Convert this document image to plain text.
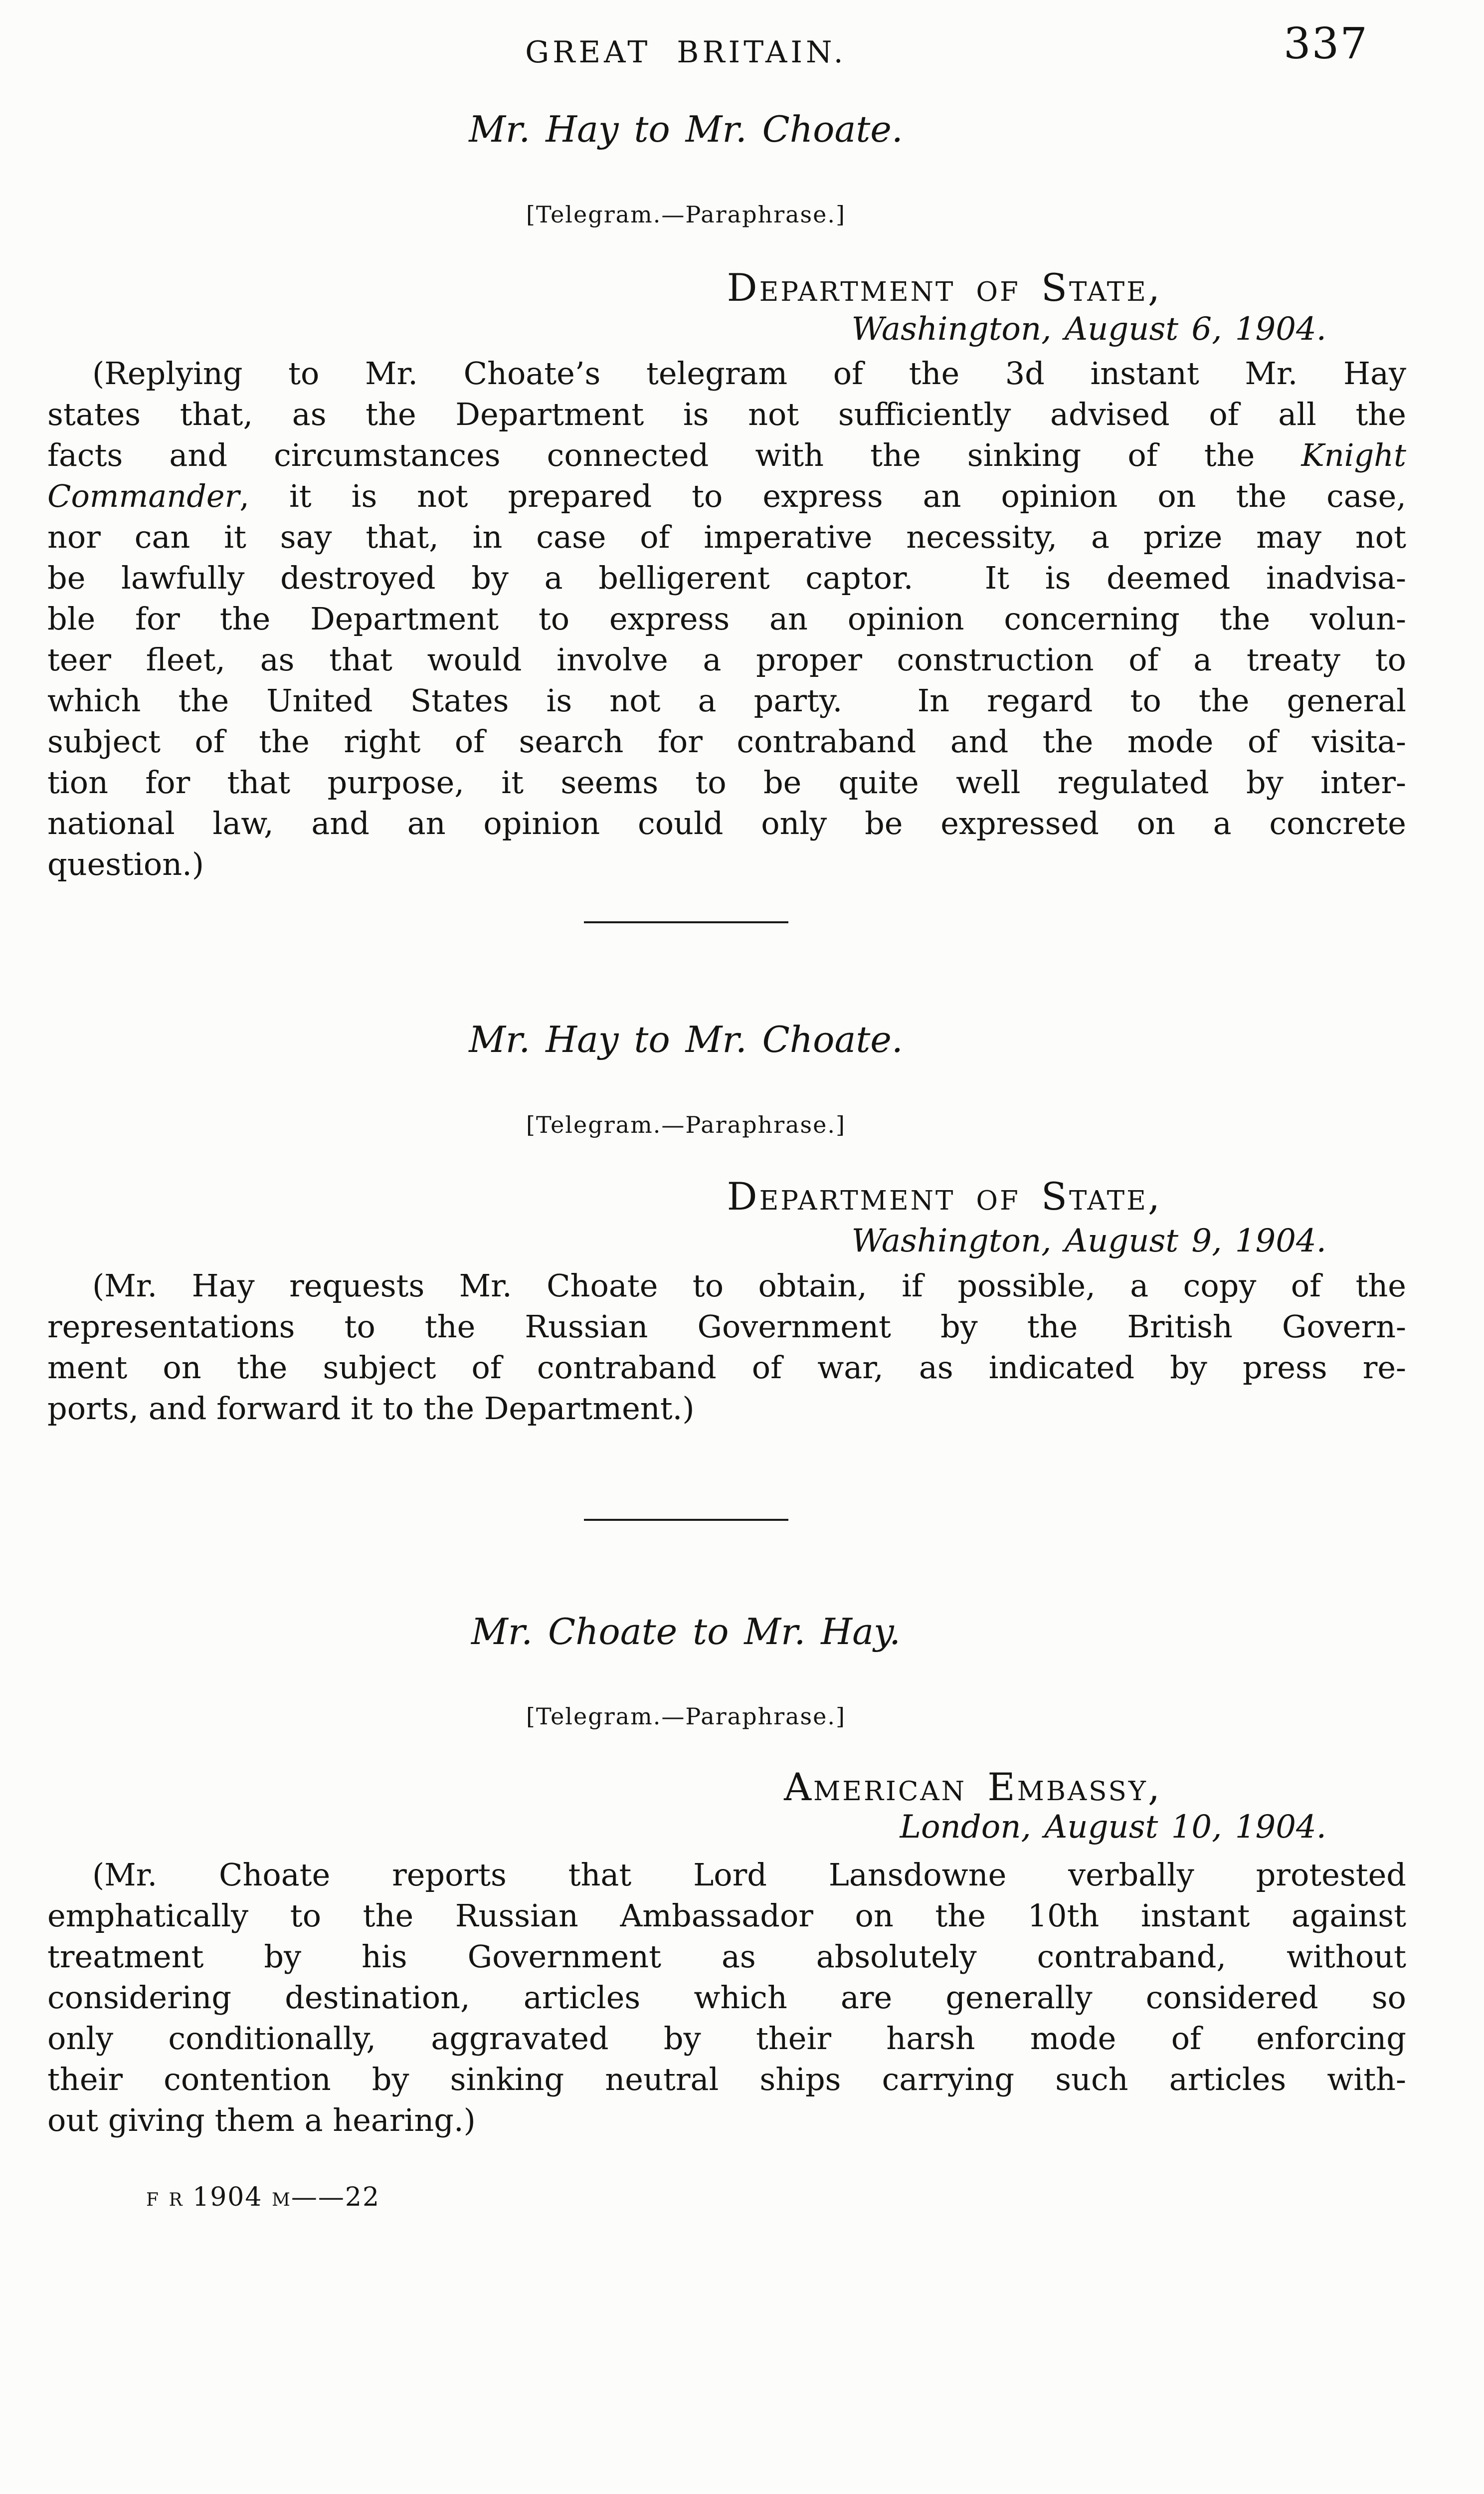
GREAT BRITAIN.	337
Mr. Hay to Mr. Choate.
[Telegram.—Paraphrase.]
Department of State,
Washington, August 6, 1904.
(Replying to Mr. Choate’s telegram of the 3d instant Mr. Hay
states that, as the Department is not sufficiently advised of all the
facts and circumstances connected with the sinking of the Knight
Commander, it is not prepared to express an opinion on the case,
nor can it say that, in case of imperative necessity, a prize may not
be lawfully destroyed by a belligerent captor.  It is deemed inadvisa-
ble for the Department to express an opinion concerning the volun-
teer fleet, as that would involve a proper construction of a treaty to
which the United States is not a party.  In regard to the general
subject of the right of search for contraband and the mode of visita-
tion for that purpose, it seems to be quite well regulated by inter-
national law, and an opinion could only be expressed on a concrete
question.)
Mr. Hay to Mr. Choate.
[Telegram.—Paraphrase.]
Department of State,
Washington, August 9, 1904.
(Mr. Hay requests Mr. Choate to obtain, if possible, a copy of the
representations to the Russian Government by the British Govern-
ment on the subject of contraband of war, as indicated by press re-
ports, and forward it to the Department.)
Mr. Choate to Mr. Hay.
[Telegram.—Paraphrase.]
American Embassy,
London, August 10, 1904.
(Mr. Choate reports that Lord Lansdowne verbally protested
emphatically to the Russian Ambassador on the 10th instant against
treatment by his Government as absolutely contraband, without
considering destination, articles which are generally considered so
only conditionally, aggravated by their harsh mode of enforcing
their contention by sinking neutral ships carrying such articles with-
out giving them a hearing.)
f r 1904 m——22
